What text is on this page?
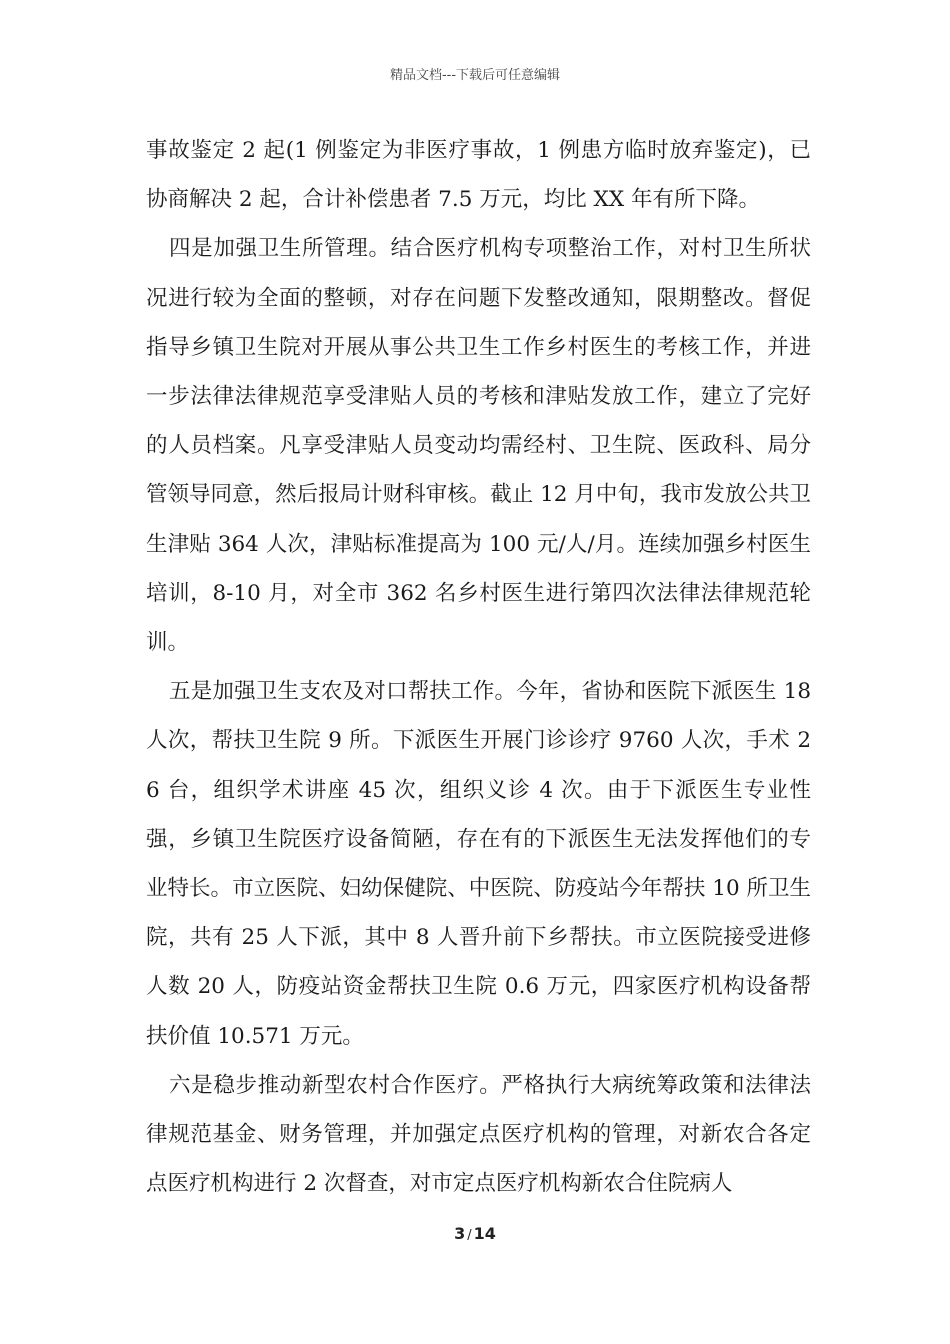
精品文档---下载后可任意编辑

事故鉴定 2 起(1 例鉴定为非医疗事故，1 例患方临时放弃鉴定)，已协商解决 2 起，合计补偿患者 7.5 万元，均比 XX 年有所下降。

四是加强卫生所管理。结合医疗机构专项整治工作，对村卫生所状况进行较为全面的整顿，对存在问题下发整改通知，限期整改。督促指导乡镇卫生院对开展从事公共卫生工作乡村医生的考核工作，并进一步法律法律规范享受津贴人员的考核和津贴发放工作，建立了完好的人员档案。凡享受津贴人员变动均需经村、卫生院、医政科、局分管领导同意，然后报局计财科审核。截止 12 月中旬，我市发放公共卫生津贴 364 人次，津贴标准提高为 100 元/人/月。连续加强乡村医生培训，8-10 月，对全市 362 名乡村医生进行第四次法律法律规范轮训。

五是加强卫生支农及对口帮扶工作。今年，省协和医院下派医生 18 人次，帮扶卫生院 9 所。下派医生开展门诊诊疗 9760 人次，手术 26 台，组织学术讲座 45 次，组织义诊 4 次。由于下派医生专业性强，乡镇卫生院医疗设备简陋，存在有的下派医生无法发挥他们的专业特长。市立医院、妇幼保健院、中医院、防疫站今年帮扶 10 所卫生院，共有 25 人下派，其中 8 人晋升前下乡帮扶。市立医院接受进修人数 20 人，防疫站资金帮扶卫生院 0.6 万元，四家医疗机构设备帮扶价值 10.571 万元。

六是稳步推动新型农村合作医疗。严格执行大病统筹政策和法律法律规范基金、财务管理，并加强定点医疗机构的管理，对新农合各定点医疗机构进行 2 次督查，对市定点医疗机构新农合住院病人

3 / 14
